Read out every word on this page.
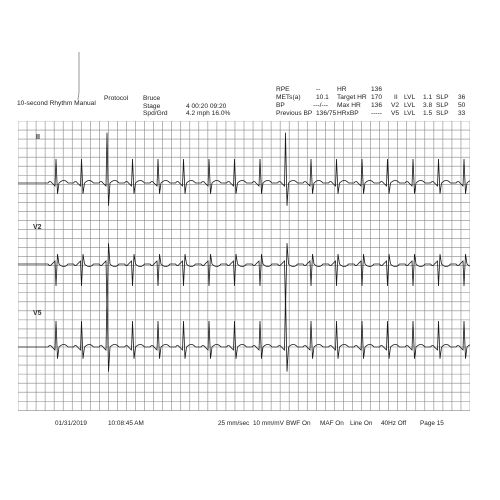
10-second Rhythm Manual
Protocol Bruce
Stage	4 00:20 09:20
Spd/Grd	4.2 mph 16.0%
RPE	--
METs(a) 10.1
BP	---/---
Previous BP 136/75
HR	136
Target HR 170
Max HR 136
HRxBP -----
II LVL 1.1 SLP 36
V2 LVL 3.8 SLP 50
V5 LVL 1.5 SLP 33
II
V2
V5
01/31/2019	10:08:45 AM	25 mm/sec 10 mm/mV BWF On MAF On Line On 40Hz Off Page 15
